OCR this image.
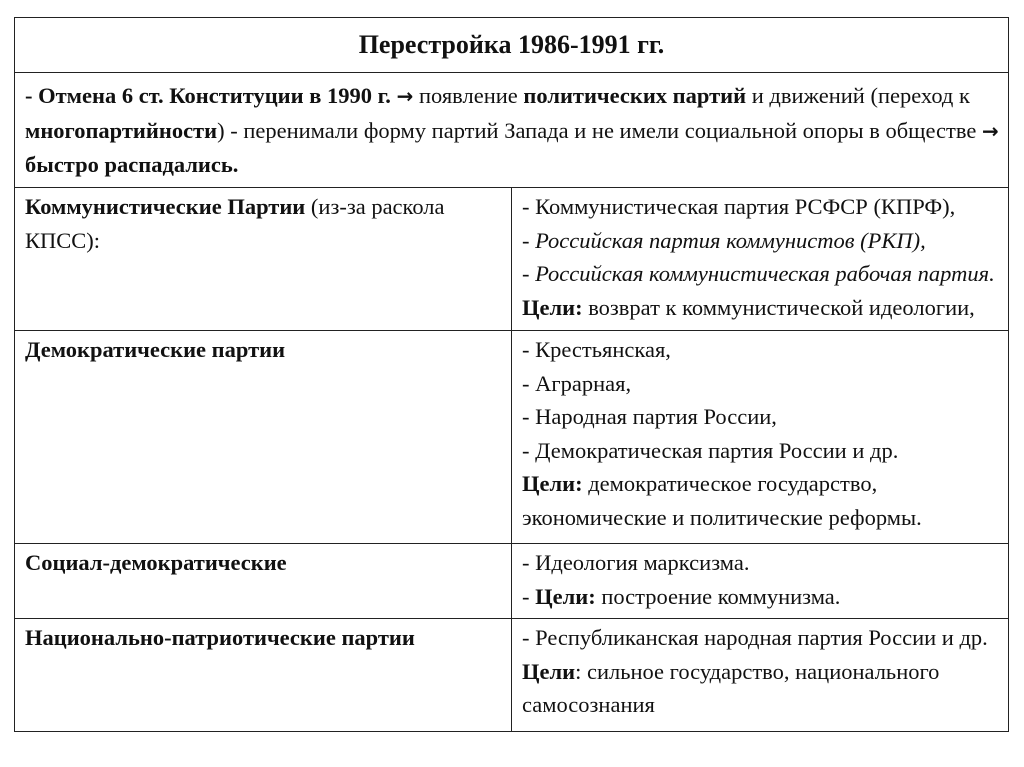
Перестройка 1986-1991 гг.	
- Отмена 6 ст. Конституции в 1990 г. → появление политических партий и движений (переход к многопартийности) - перенимали форму партий Запада и не имели социальной опоры в обществе → быстро распадались.	
Коммунистические Партии (из-за раскола КПСС):	- Коммунистическая партия РСФСР (КПРФ),
- Российская партия коммунистов (РКП),
- Российская коммунистическая рабочая партия.
Цели: возврат к коммунистической идеологии,

Демократические партии	- Крестьянская,
- Аграрная,
- Народная партия России,
- Демократическая партия России и др.
Цели: демократическое государство, экономические и политические реформы.
Социал-демократические	- Идеология марксизма.
- Цели: построение коммунизма.

Национально-патриотические партии	- Республиканская народная партия России и др.
Цели: сильное государство, национального самосознания
